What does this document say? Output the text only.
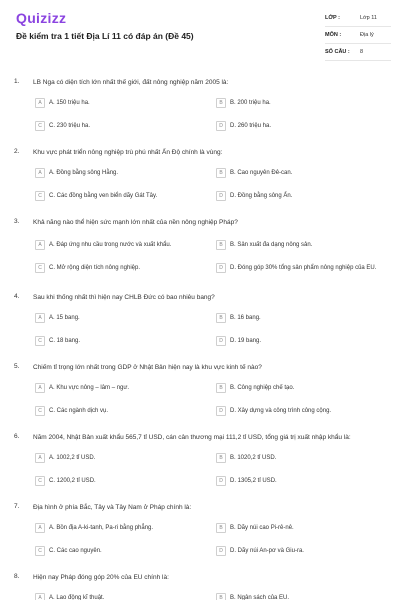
Quizizz
Đề kiểm tra 1 tiết Địa Lí 11 có đáp án (Đề 45)
LỚP :	Lớp 11
MÔN :	Địa lý
SỐ CÂU :	8
1. LB Nga có diện tích lớn nhất thế giới, đất nông nghiệp năm 2005 là:
A	A. 150 triệu ha.	B	B. 200 triệu ha.
C	C. 230 triệu ha.	D	D. 260 triệu ha.
2. Khu vực phát triển nông nghiệp trù phú nhất Ấn Độ chính là vùng:
A	A. Đồng bằng sông Hằng.	B	B. Cao nguyên Đê-can.
C	C. Các đồng bằng ven biển dãy Gát Tây.	D	D. Đồng bằng sông Ấn.
3. Khả năng nào thể hiện sức mạnh lớn nhất của nền nông nghiệp Pháp?
A	A. Đáp ứng nhu cầu trong nước và xuất khẩu.	B	B. Sản xuất đa dạng nông sản.
C	C. Mở rộng diện tích nông nghiệp.	D	D. Đóng góp 30% tổng sản phẩm nông nghiệp của EU.
4. Sau khi thống nhất thì hiện nay CHLB Đức có bao nhiêu bang?
A	A. 15 bang.	B	B. 16 bang.
C	C. 18 bang.	D	D. 19 bang.
5. Chiếm tỉ trọng lớn nhất trong GDP ở Nhật Bản hiện nay là khu vực kinh tế nào?
A	A. Khu vực nông – lâm – ngư.	B	B. Công nghiệp chế tạo.
C	C. Các ngành dịch vụ.	D	D. Xây dựng và công trình công cộng.
6. Năm 2004, Nhật Bản xuất khẩu 565,7 tỉ USD, cán cân thương mại 111,2 tỉ USD, tổng giá trị xuất nhập khẩu là:
A	A. 1002,2 tỉ USD.	B	B. 1020,2 tỉ USD.
C	C. 1200,2 tỉ USD.	D	D. 1305,2 tỉ USD.
7. Địa hình ở phía Bắc, Tây và Tây Nam ở Pháp chính là:
A	A. Bồn địa A-ki-tanh, Pa-ri bằng phẳng.	B	B. Dãy núi cao Pi-rê-nê.
C	C. Các cao nguyên.	D	D. Dãy núi An-pơ và Giu-ra.
8. Hiện nay Pháp đóng góp 20% của EU chính là:
A	A. Lao động kĩ thuật.	B	B. Ngân sách của EU.
